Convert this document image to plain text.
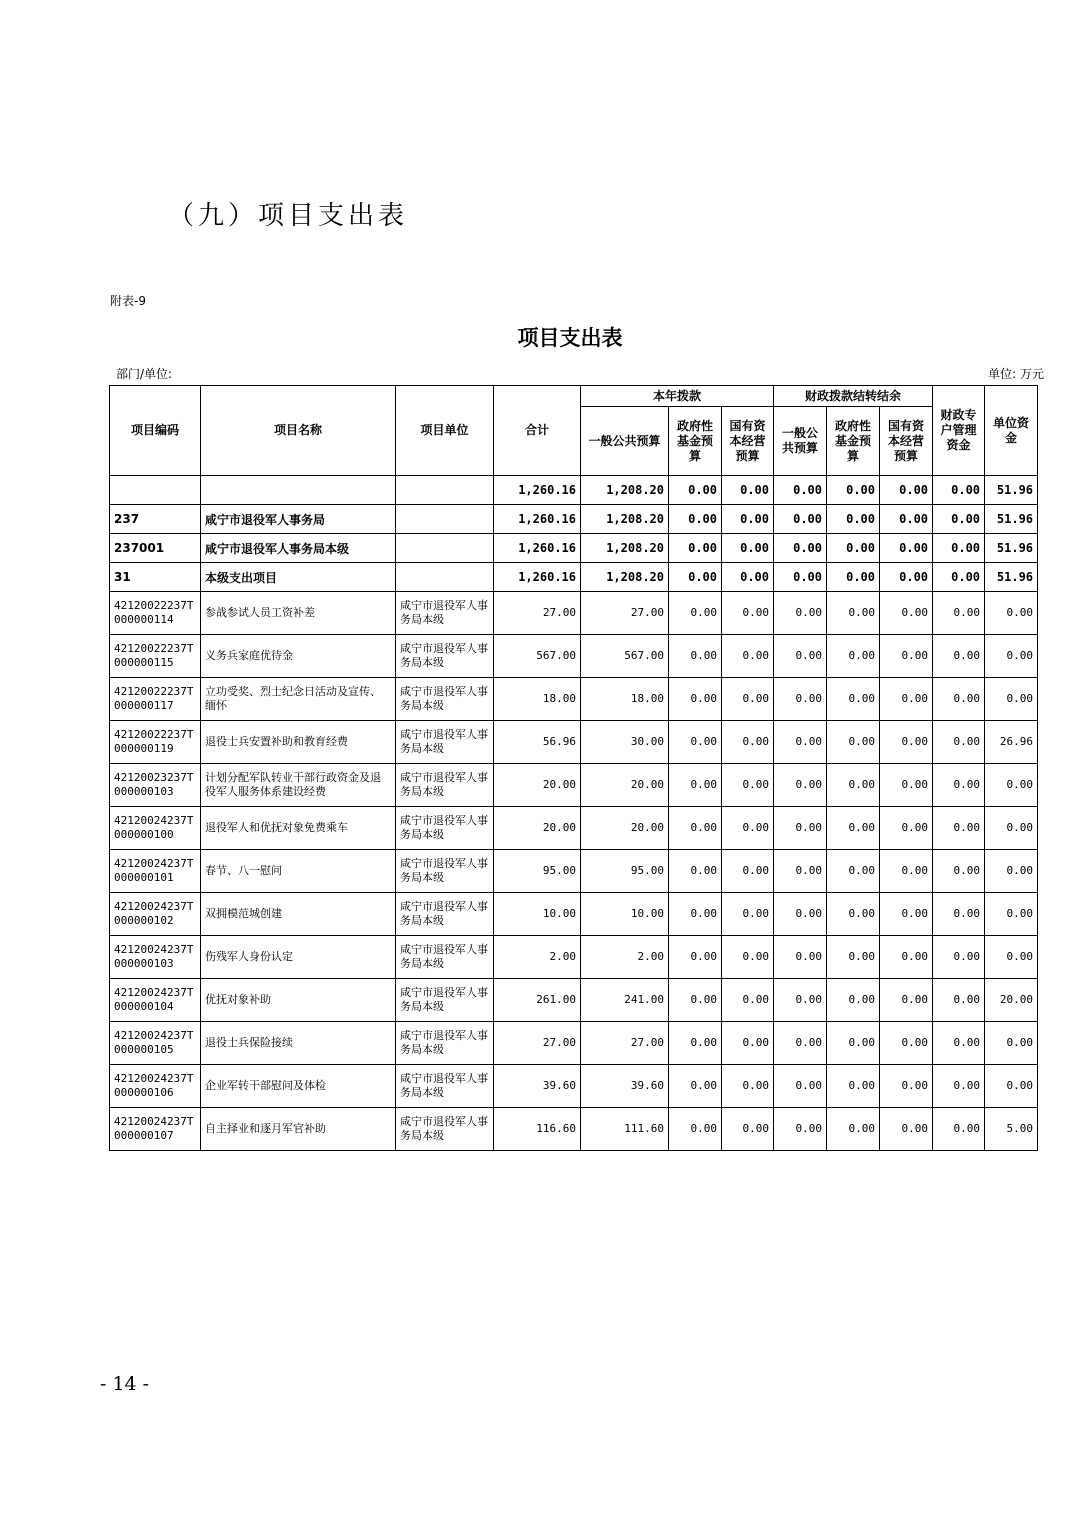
（九）项目支出表
附表-9
项目支出表
部门/单位:	单位: 万元
项目编码	项目名称	项目单位	合计	本年拨款			财政拨款结转结余			财政专户管理资金	单位资金
				一般公共预算	政府性基金预算	国有资本经营预算	一般公共预算	政府性基金预算	国有资本经营预算		
			1,260.16	1,208.20	0.00	0.00	0.00	0.00	0.00	0.00	51.96
237	咸宁市退役军人事务局		1,260.16	1,208.20	0.00	0.00	0.00	0.00	0.00	0.00	51.96
237001	咸宁市退役军人事务局本级		1,260.16	1,208.20	0.00	0.00	0.00	0.00	0.00	0.00	51.96
31	本级支出项目		1,260.16	1,208.20	0.00	0.00	0.00	0.00	0.00	0.00	51.96
42120022237T000000114	参战参试人员工资补差	咸宁市退役军人事务局本级	27.00	27.00	0.00	0.00	0.00	0.00	0.00	0.00	0.00
42120022237T000000115	义务兵家庭优待金	咸宁市退役军人事务局本级	567.00	567.00	0.00	0.00	0.00	0.00	0.00	0.00	0.00
42120022237T000000117	立功受奖、烈士纪念日活动及宣传、缅怀	咸宁市退役军人事务局本级	18.00	18.00	0.00	0.00	0.00	0.00	0.00	0.00	0.00
42120022237T000000119	退役士兵安置补助和教育经费	咸宁市退役军人事务局本级	56.96	30.00	0.00	0.00	0.00	0.00	0.00	0.00	26.96
42120023237T000000103	计划分配军队转业干部行政资金及退役军人服务体系建设经费	咸宁市退役军人事务局本级	20.00	20.00	0.00	0.00	0.00	0.00	0.00	0.00	0.00
42120024237T000000100	退役军人和优抚对象免费乘车	咸宁市退役军人事务局本级	20.00	20.00	0.00	0.00	0.00	0.00	0.00	0.00	0.00
42120024237T000000101	春节、八一慰问	咸宁市退役军人事务局本级	95.00	95.00	0.00	0.00	0.00	0.00	0.00	0.00	0.00
42120024237T000000102	双拥模范城创建	咸宁市退役军人事务局本级	10.00	10.00	0.00	0.00	0.00	0.00	0.00	0.00	0.00
42120024237T000000103	伤残军人身份认定	咸宁市退役军人事务局本级	2.00	2.00	0.00	0.00	0.00	0.00	0.00	0.00	0.00
42120024237T000000104	优抚对象补助	咸宁市退役军人事务局本级	261.00	241.00	0.00	0.00	0.00	0.00	0.00	0.00	20.00
42120024237T000000105	退役士兵保险接续	咸宁市退役军人事务局本级	27.00	27.00	0.00	0.00	0.00	0.00	0.00	0.00	0.00
42120024237T000000106	企业军转干部慰问及体检	咸宁市退役军人事务局本级	39.60	39.60	0.00	0.00	0.00	0.00	0.00	0.00	0.00
42120024237T000000107	自主择业和逐月军官补助	咸宁市退役军人事务局本级	116.60	111.60	0.00	0.00	0.00	0.00	0.00	0.00	5.00
- 14 -
